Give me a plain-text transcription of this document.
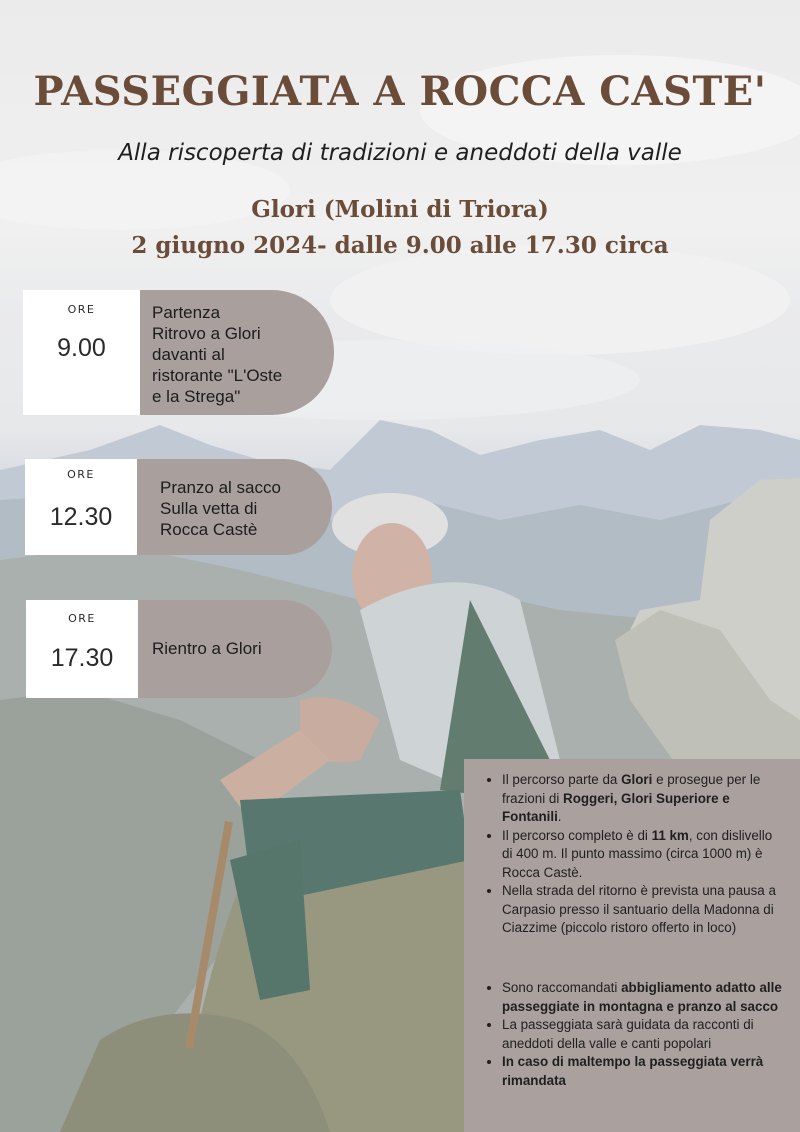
PASSEGGIATA A ROCCA CASTE'
Alla riscoperta di tradizioni e aneddoti della valle
Glori (Molini di Triora)
2 giugno 2024- dalle 9.00 alle 17.30 circa
ORE
9.00
Partenza
Ritrovo a Glori
davanti al
ristorante "L'Oste
e la Strega"
ORE
12.30
Pranzo al sacco
Sulla vetta di
Rocca Castè
ORE
17.30	Rientro a Glori
• Il percorso parte da Glori e prosegue per le frazioni di Roggeri, Glori Superiore e Fontanili.
• Il percorso completo è di 11 km, con dislivello di 400 m. Il punto massimo (circa 1000 m) è Rocca Castè.
• Nella strada del ritorno è prevista una pausa a Carpasio presso il santuario della Madonna di Ciazzime (piccolo ristoro offerto in loco)
• Sono raccomandati abbigliamento adatto alle passeggiate in montagna e pranzo al sacco
• La passeggiata sarà guidata da racconti di aneddoti della valle e canti popolari
• In caso di maltempo la passeggiata verrà rimandata
